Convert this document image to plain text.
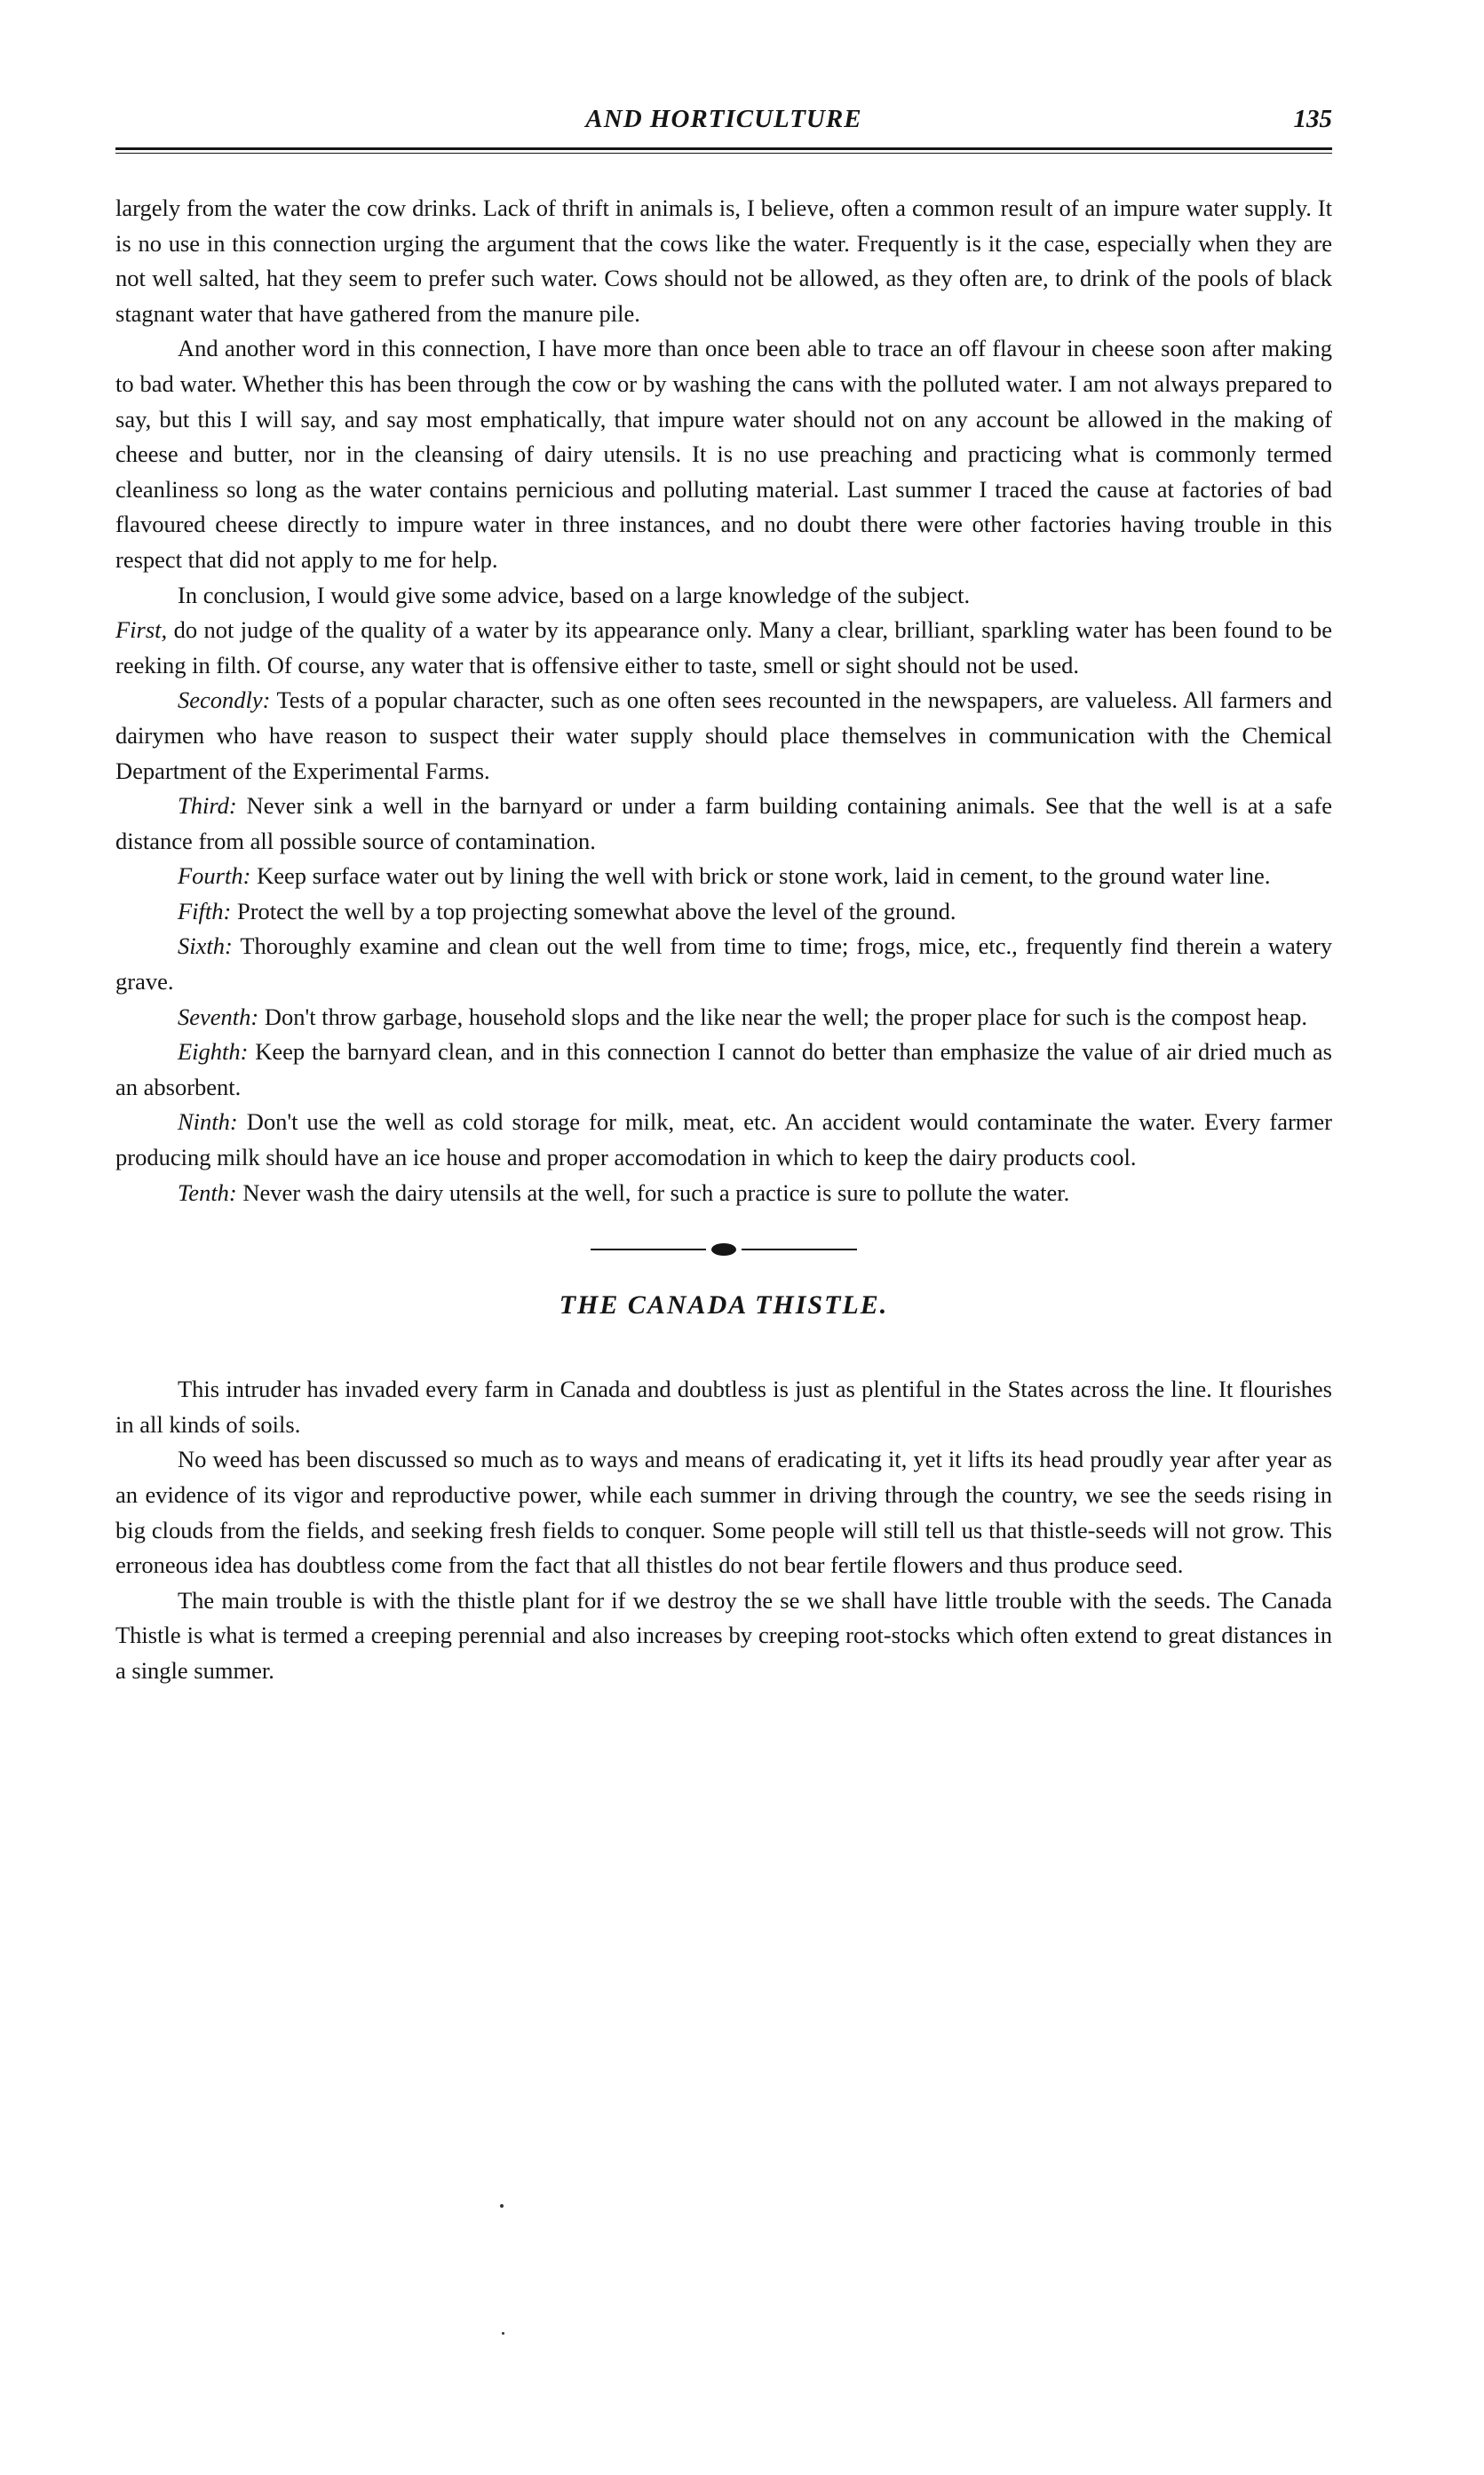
AND HORTICULTURE	135

largely from the water the cow drinks. Lack of thrift in animals is, I believe, often a common result of an impure water supply. It is no use in this connection urging the argument that the cows like the water. Frequently is it the case, especially when they are not well salted, hat they seem to prefer such water. Cows should not be allowed, as they often are, to drink of the pools of black stagnant water that have gathered from the manure pile.

And another word in this connection, I have more than once been able to trace an off flavour in cheese soon after making to bad water. Whether this has been through the cow or by washing the cans with the polluted water. I am not always prepared to say, but this I will say, and say most emphatically, that impure water should not on any account be allowed in the making of cheese and butter, nor in the cleansing of dairy utensils. It is no use preaching and practicing what is commonly termed cleanliness so long as the water contains pernicious and polluting material. Last summer I traced the cause at factories of bad flavoured cheese directly to impure water in three instances, and no doubt there were other factories having trouble in this respect that did not apply to me for help.

In conclusion, I would give some advice, based on a large knowledge of the subject.

First, do not judge of the quality of a water by its appearance only. Many a clear, brilliant, sparkling water has been found to be reeking in filth. Of course, any water that is offensive either to taste, smell or sight should not be used.

Secondly: Tests of a popular character, such as one often sees recounted in the newspapers, are valueless. All farmers and dairymen who have reason to suspect their water supply should place themselves in communication with the Chemical Department of the Experimental Farms.

Third: Never sink a well in the barnyard or under a farm building containing animals. See that the well is at a safe distance from all possible source of contamination.

Fourth: Keep surface water out by lining the well with brick or stone work, laid in cement, to the ground water line.

Fifth: Protect the well by a top projecting somewhat above the level of the ground.

Sixth: Thoroughly examine and clean out the well from time to time; frogs, mice, etc., frequently find therein a watery grave.

Seventh: Don't throw garbage, household slops and the like near the well; the proper place for such is the compost heap.

Eighth: Keep the barnyard clean, and in this connection I cannot do better than emphasize the value of air dried much as an absorbent.

Ninth: Don't use the well as cold storage for milk, meat, etc. An accident would contaminate the water. Every farmer producing milk should have an ice house and proper accomodation in which to keep the dairy products cool.

Tenth: Never wash the dairy utensils at the well, for such a practice is sure to pollute the water.

THE CANADA THISTLE.

This intruder has invaded every farm in Canada and doubtless is just as plentiful in the States across the line. It flourishes in all kinds of soils.

No weed has been discussed so much as to ways and means of eradicating it, yet it lifts its head proudly year after year as an evidence of its vigor and reproductive power, while each summer in driving through the country, we see the seeds rising in big clouds from the fields, and seeking fresh fields to conquer. Some people will still tell us that thistle-seeds will not grow. This erroneous idea has doubtless come from the fact that all thistles do not bear fertile flowers and thus produce seed.

The main trouble is with the thistle plant for if we destroy the se we shall have little trouble with the seeds. The Canada Thistle is what is termed a creeping perennial and also increases by creeping root-stocks which often extend to great distances in a single summer.
